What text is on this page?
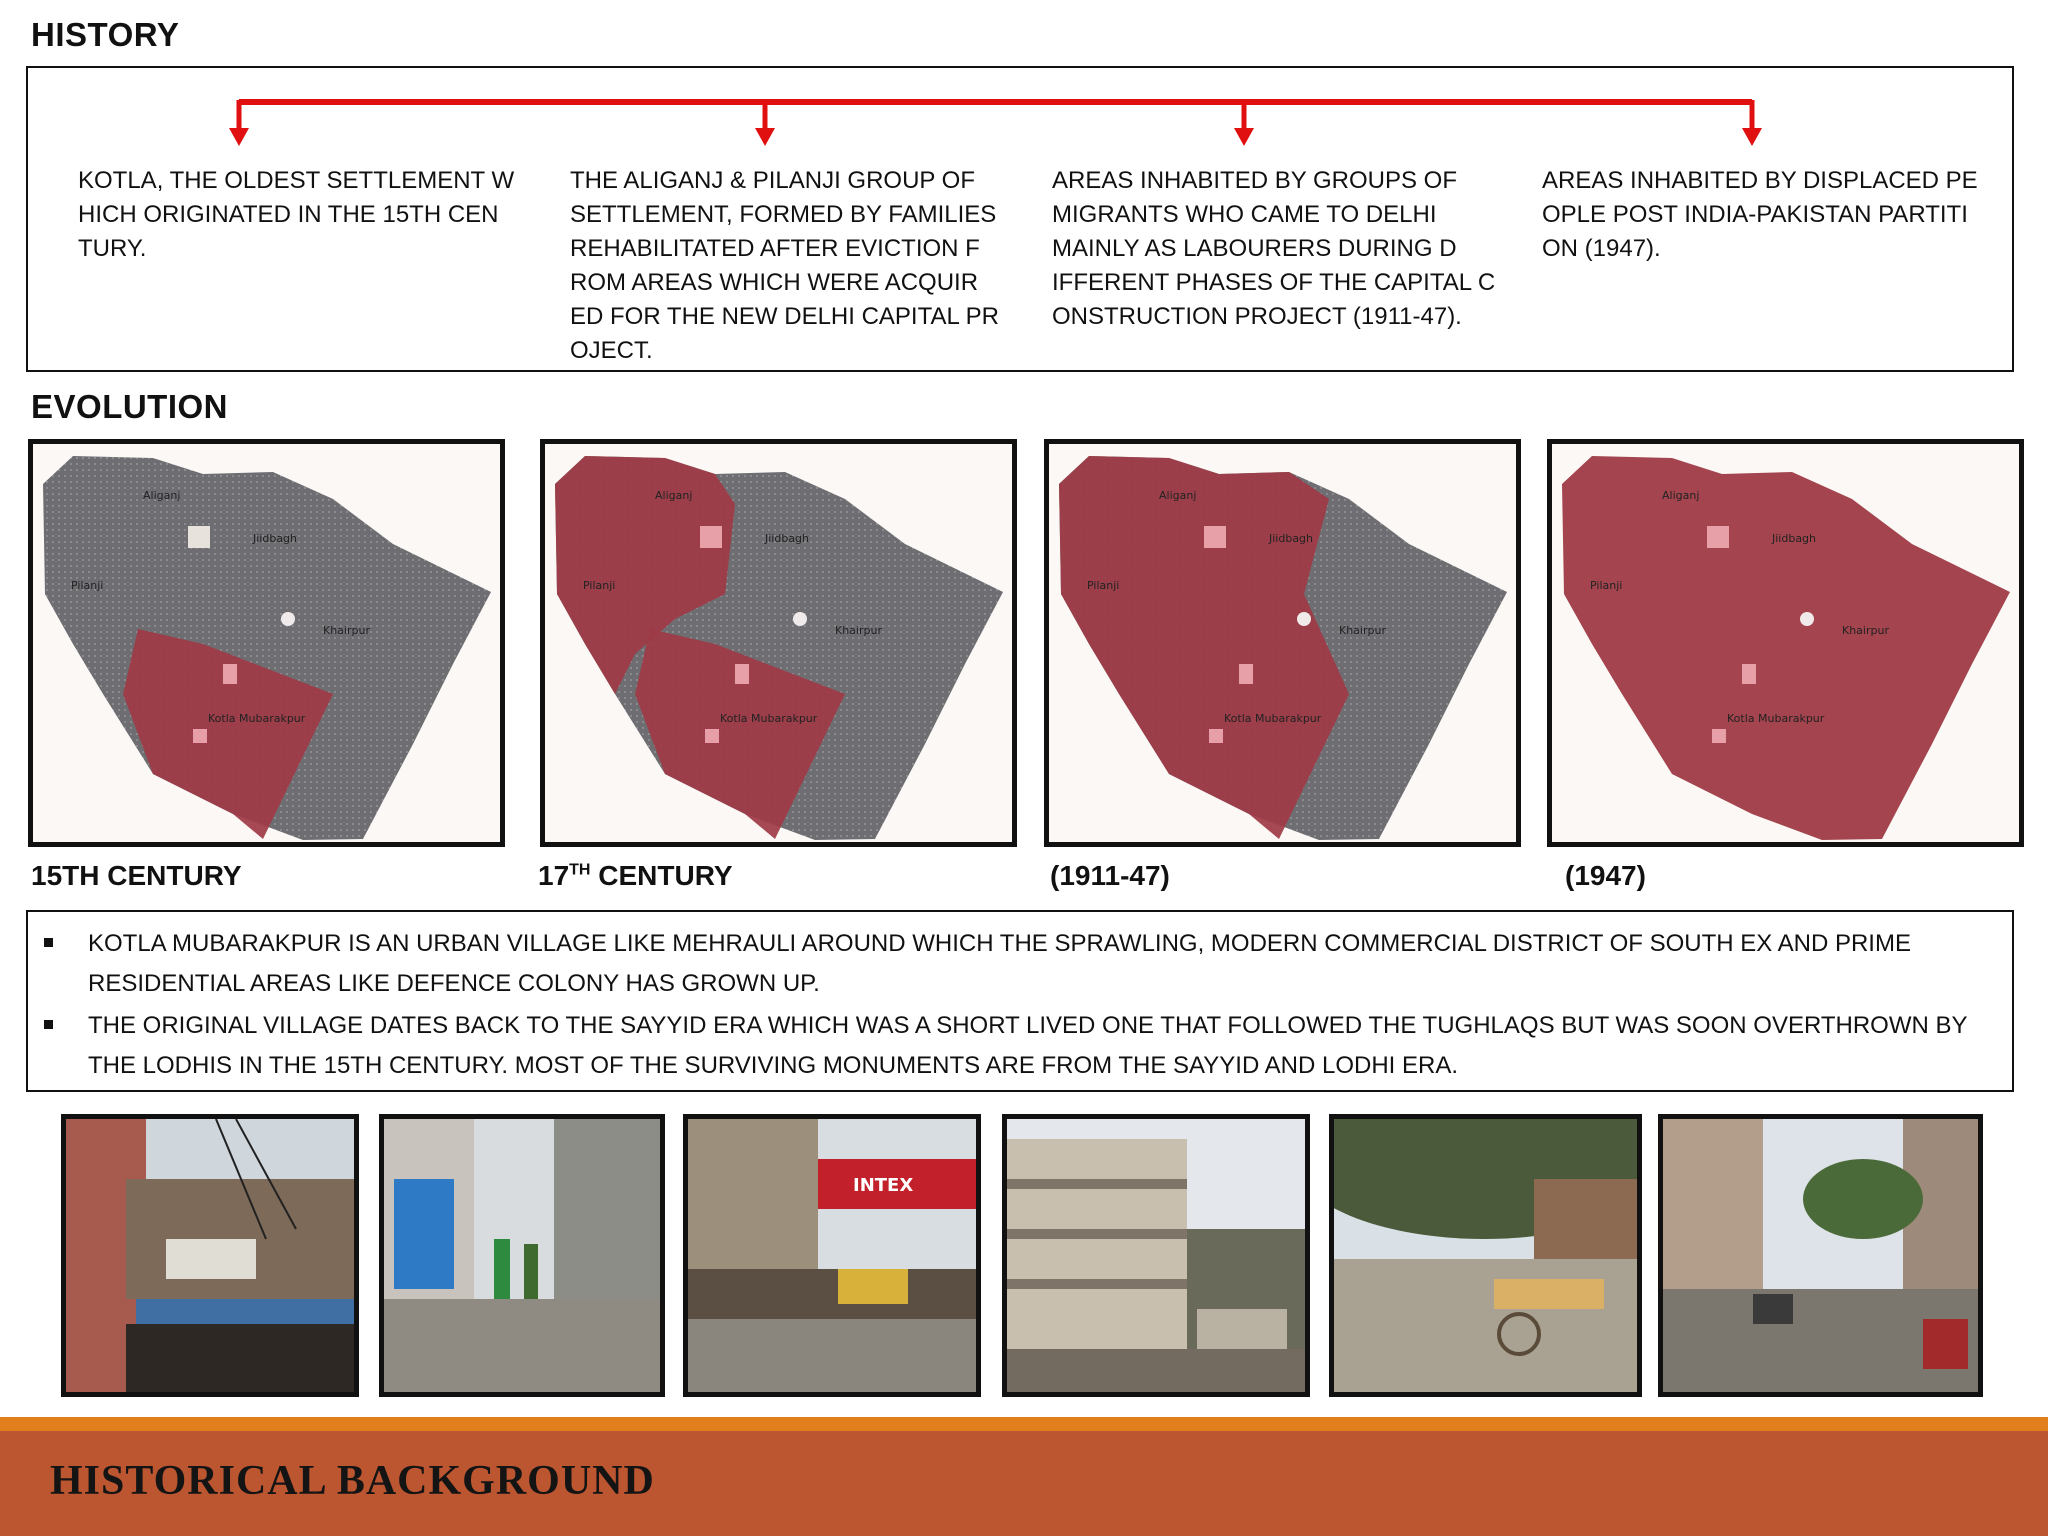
HISTORY
KOTLA, THE OLDEST SETTLEMENT W
HICH ORIGINATED IN THE 15TH CEN
TURY.
THE ALIGANJ & PILANJI GROUP OF
SETTLEMENT, FORMED BY FAMILIES
REHABILITATED AFTER EVICTION F
ROM AREAS WHICH WERE ACQUIR
ED FOR THE NEW DELHI CAPITAL PR
OJECT.
AREAS INHABITED BY GROUPS OF
MIGRANTS WHO CAME TO DELHI
MAINLY AS LABOURERS DURING D
IFFERENT PHASES OF THE CAPITAL C
ONSTRUCTION PROJECT (1911-47).
AREAS INHABITED BY DISPLACED PE
OPLE POST INDIA-PAKISTAN PARTITI
ON (1947).
EVOLUTION
Aliganj
Pilanji
Jiidbagh
Khairpur
Kotla Mubarakpur
Aliganj
Pilanji
Jiidbagh
Khairpur
Kotla Mubarakpur
Aliganj
Pilanji
Jiidbagh
Khairpur
Kotla Mubarakpur
Aliganj
Pilanji
Jiidbagh
Khairpur
Kotla Mubarakpur
15TH CENTURY	17TH CENTURY	(1911-47)	(1947)
KOTLA MUBARAKPUR IS AN URBAN VILLAGE LIKE MEHRAULI AROUND WHICH THE SPRAWLING, MODERN COMMERCIAL DISTRICT OF SOUTH EX AND PRIME RESIDENTIAL AREAS LIKE DEFENCE COLONY HAS GROWN UP.
THE ORIGINAL VILLAGE DATES BACK TO THE SAYYID ERA WHICH WAS A SHORT LIVED ONE THAT FOLLOWED THE TUGHLAQS BUT WAS SOON OVERTHROWN BY THE LODHIS IN THE 15TH CENTURY. MOST OF THE SURVIVING MONUMENTS ARE FROM THE SAYYID AND LODHI ERA.
INTEX
HISTORICAL BACKGROUND
